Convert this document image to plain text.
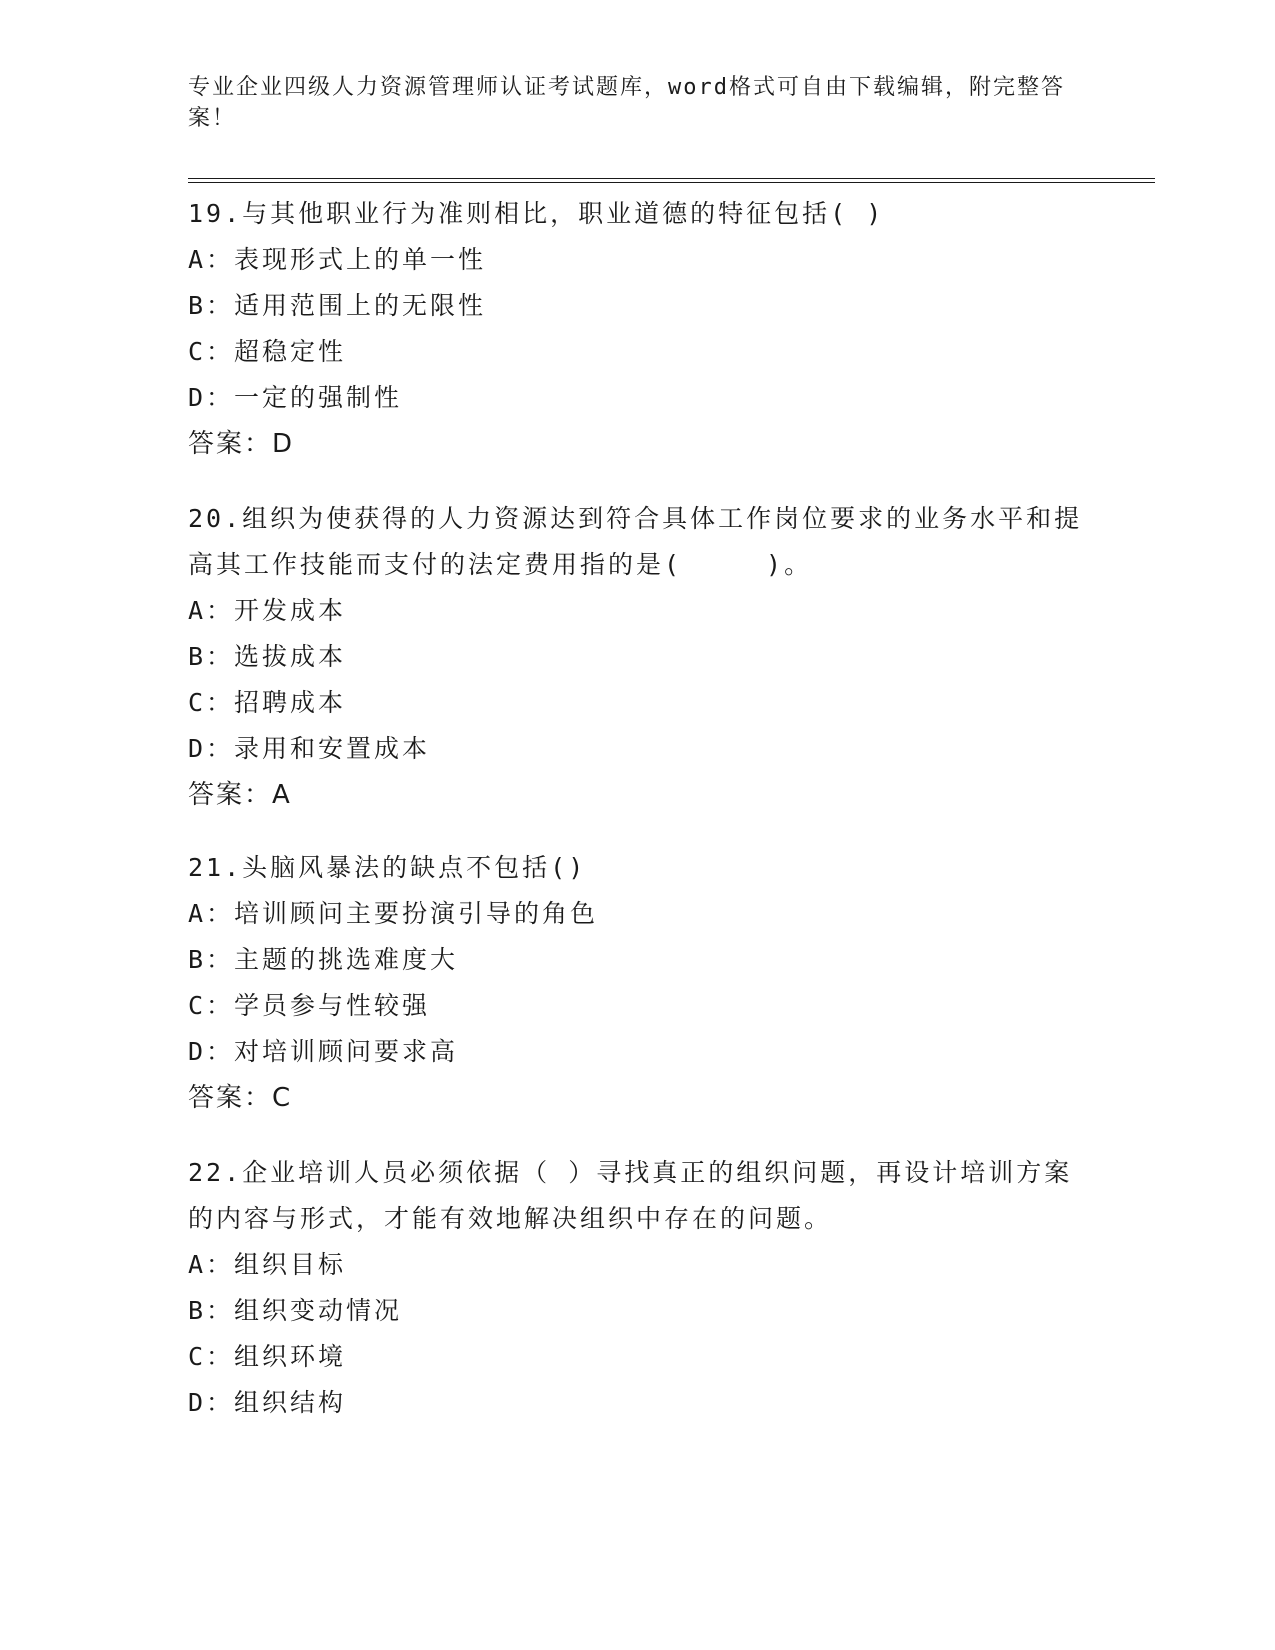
专业企业四级人力资源管理师认证考试题库，word格式可自由下载编辑，附完整答案！

19.与其他职业行为准则相比，职业道德的特征包括( )

A：表现形式上的单一性
B：适用范围上的无限性
C：超稳定性
D：一定的强制性
答案：D

20.组织为使获得的人力资源达到符合具体工作岗位要求的业务水平和提高其工作技能而支付的法定费用指的是(　　　)。

A：开发成本
B：选拔成本
C：招聘成本
D：录用和安置成本
答案：A

21.头脑风暴法的缺点不包括()

A：培训顾问主要扮演引导的角色
B：主题的挑选难度大
C：学员参与性较强
D：对培训顾问要求高
答案：C

22.企业培训人员必须依据（ ）寻找真正的组织问题，再设计培训方案的内容与形式，才能有效地解决组织中存在的问题。

A：组织目标
B：组织变动情况
C：组织环境
D：组织结构
